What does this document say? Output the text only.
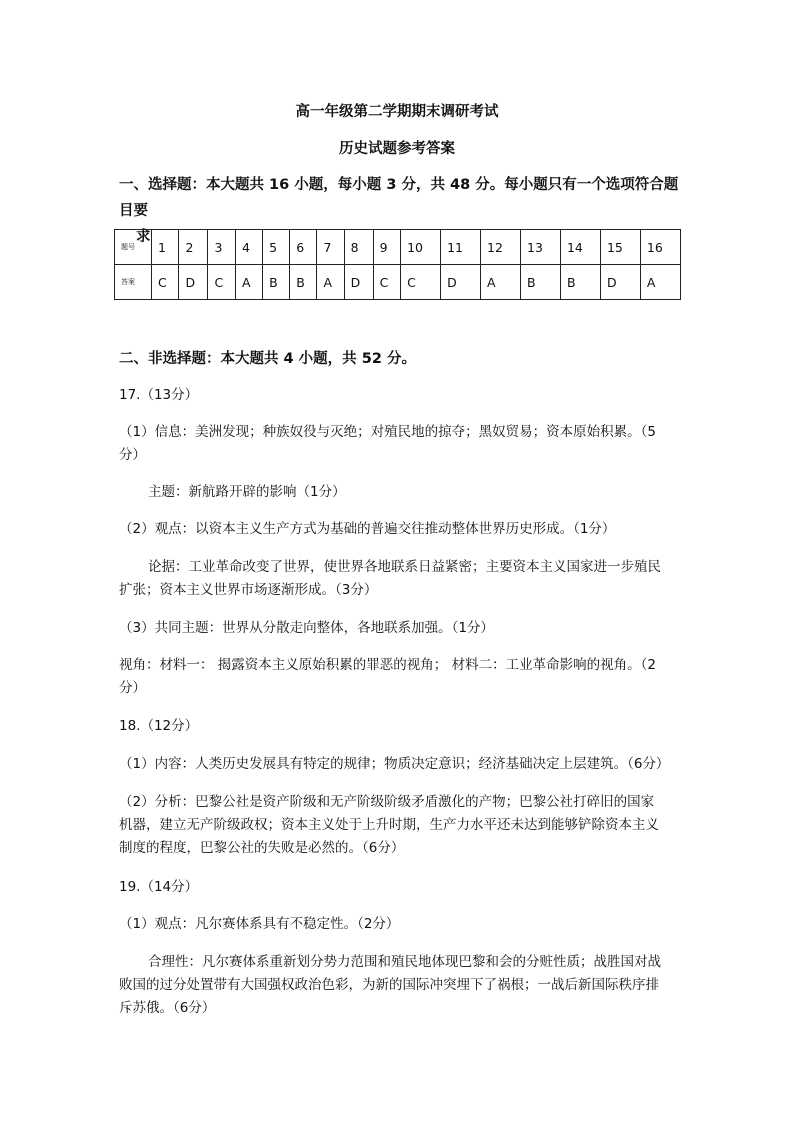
高一年级第二学期期末调研考试
历史试题参考答案
一、选择题：本大题共 16 小题，每小题 3 分，共 48 分。每小题只有一个选项符合题目要
求
题号	1	2	3	4	5	6	7	8	9	10	11	12	13	14	15	16
答案	C	D	C	A	B	B	A	D	C	C	D	A	B	B	D	A
二、非选择题：本大题共 4 小题，共 52 分。
17.（13分）
（1）信息：美洲发现；种族奴役与灭绝；对殖民地的掠夺；黑奴贸易；资本原始积累。（5
分）
主题：新航路开辟的影响（1分）
（2）观点：以资本主义生产方式为基础的普遍交往推动整体世界历史形成。（1分）
论据：工业革命改变了世界，使世界各地联系日益紧密；主要资本主义国家进一步殖民
扩张；资本主义世界市场逐渐形成。（3分）
（3）共同主题：世界从分散走向整体，各地联系加强。（1分）
视角：材料一： 揭露资本主义原始积累的罪恶的视角； 材料二：工业革命影响的视角。（2
分）
18.（12分）
（1）内容：人类历史发展具有特定的规律；物质决定意识；经济基础决定上层建筑。（6分）
（2）分析：巴黎公社是资产阶级和无产阶级阶级矛盾激化的产物；巴黎公社打碎旧的国家
机器，建立无产阶级政权；资本主义处于上升时期，生产力水平还未达到能够铲除资本主义
制度的程度，巴黎公社的失败是必然的。（6分）
19.（14分）
（1）观点：凡尔赛体系具有不稳定性。（2分）
合理性：凡尔赛体系重新划分势力范围和殖民地体现巴黎和会的分赃性质；战胜国对战
败国的过分处置带有大国强权政治色彩，为新的国际冲突埋下了祸根；一战后新国际秩序排
斥苏俄。（6分）
